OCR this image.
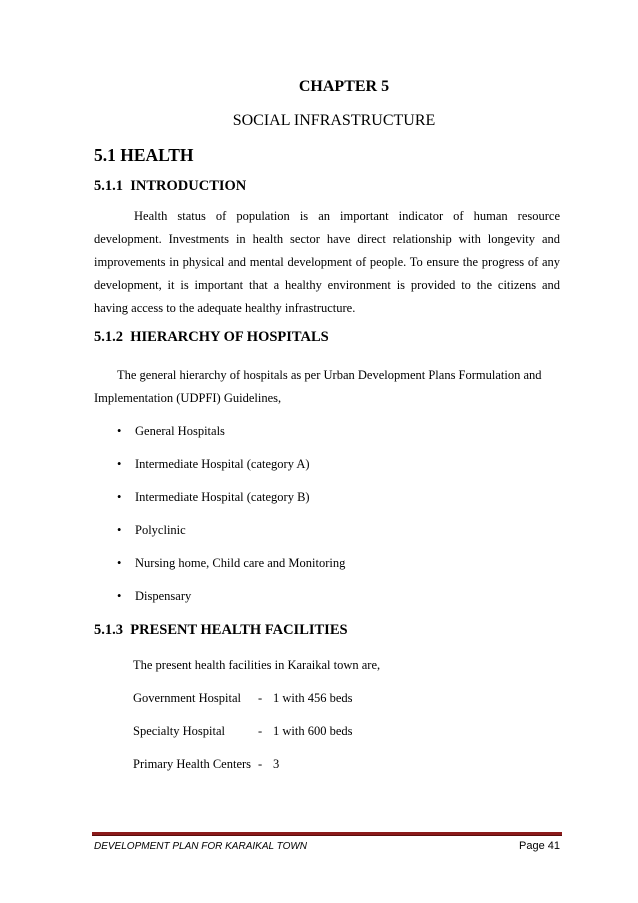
CHAPTER 5
SOCIAL INFRASTRUCTURE
5.1 HEALTH
5.1.1  INTRODUCTION
Health status of population is an important indicator of human resource development. Investments in health sector have direct relationship with longevity and improvements in physical and mental development of people. To ensure the progress of any development, it is important that a healthy environment is provided to the citizens and having access to the adequate healthy infrastructure.
5.1.2  HIERARCHY OF HOSPITALS
The general hierarchy of hospitals as per Urban Development Plans Formulation and
Implementation (UDPFI) Guidelines,
• General Hospitals
• Intermediate Hospital (category A)
• Intermediate Hospital (category B)
• Polyclinic
• Nursing home, Child care and Monitoring
• Dispensary
5.1.3  PRESENT HEALTH FACILITIES
The present health facilities in Karaikal town are,
Government Hospital - 1 with 456 beds
Specialty Hospital	- 1 with 600 beds
Primary Health Centers - 3
DEVELOPMENT PLAN FOR KARAIKAL TOWN	Page 41
